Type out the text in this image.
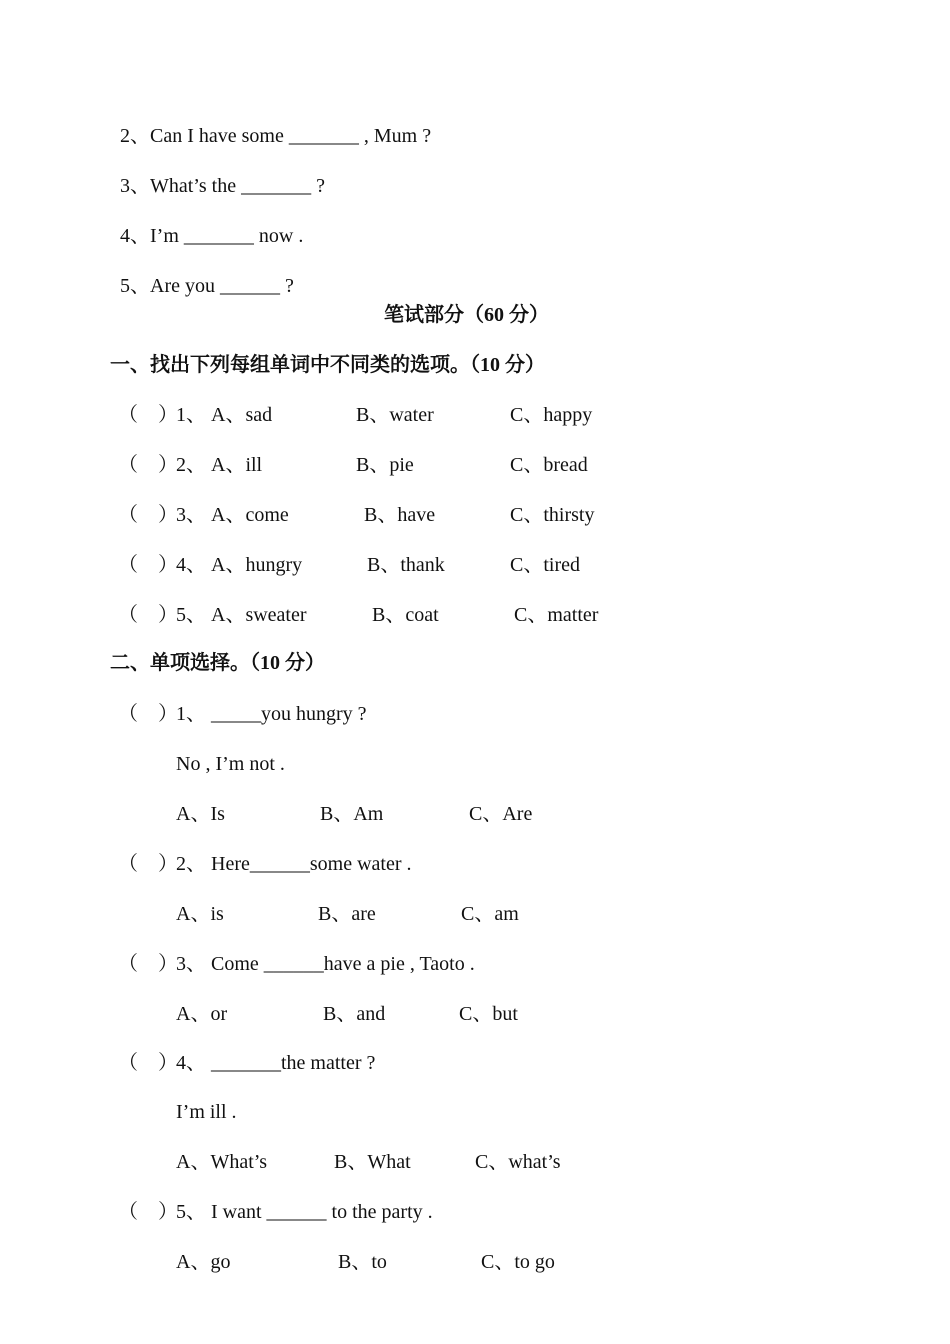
2、Can I have some _______ , Mum ?

3、What’s the _______ ?

4、I’m _______ now .

5、Are you ______ ?

笔试部分（60 分）
一、找出下列每组单词中不同类的选项。（10 分）
（　）
1、 A、sad	B、water	C、happy
（　）
2、 A、ill	B、pie	C、bread
（　）
3、 A、come	B、have	C、thirsty
（　）
4、 A、hungry	B、thank	C、tired
（　）
5、 A、sweater	B、coat	C、matter
二、单项选择。（10 分）
（　）
1、 _____you hungry ?
No , I’m not .
A、Is	B、Am	C、Are
（　）
2、 Here______some water .
A、is	B、are	C、am
（　）
3、 Come ______have a pie , Taoto .
A、or	B、and	C、but
（　）
4、 _______the matter ?
I’m ill .
A、What’s	B、What	C、what’s
（　）
5、 I want ______ to the party .
A、go	B、to	C、to go
